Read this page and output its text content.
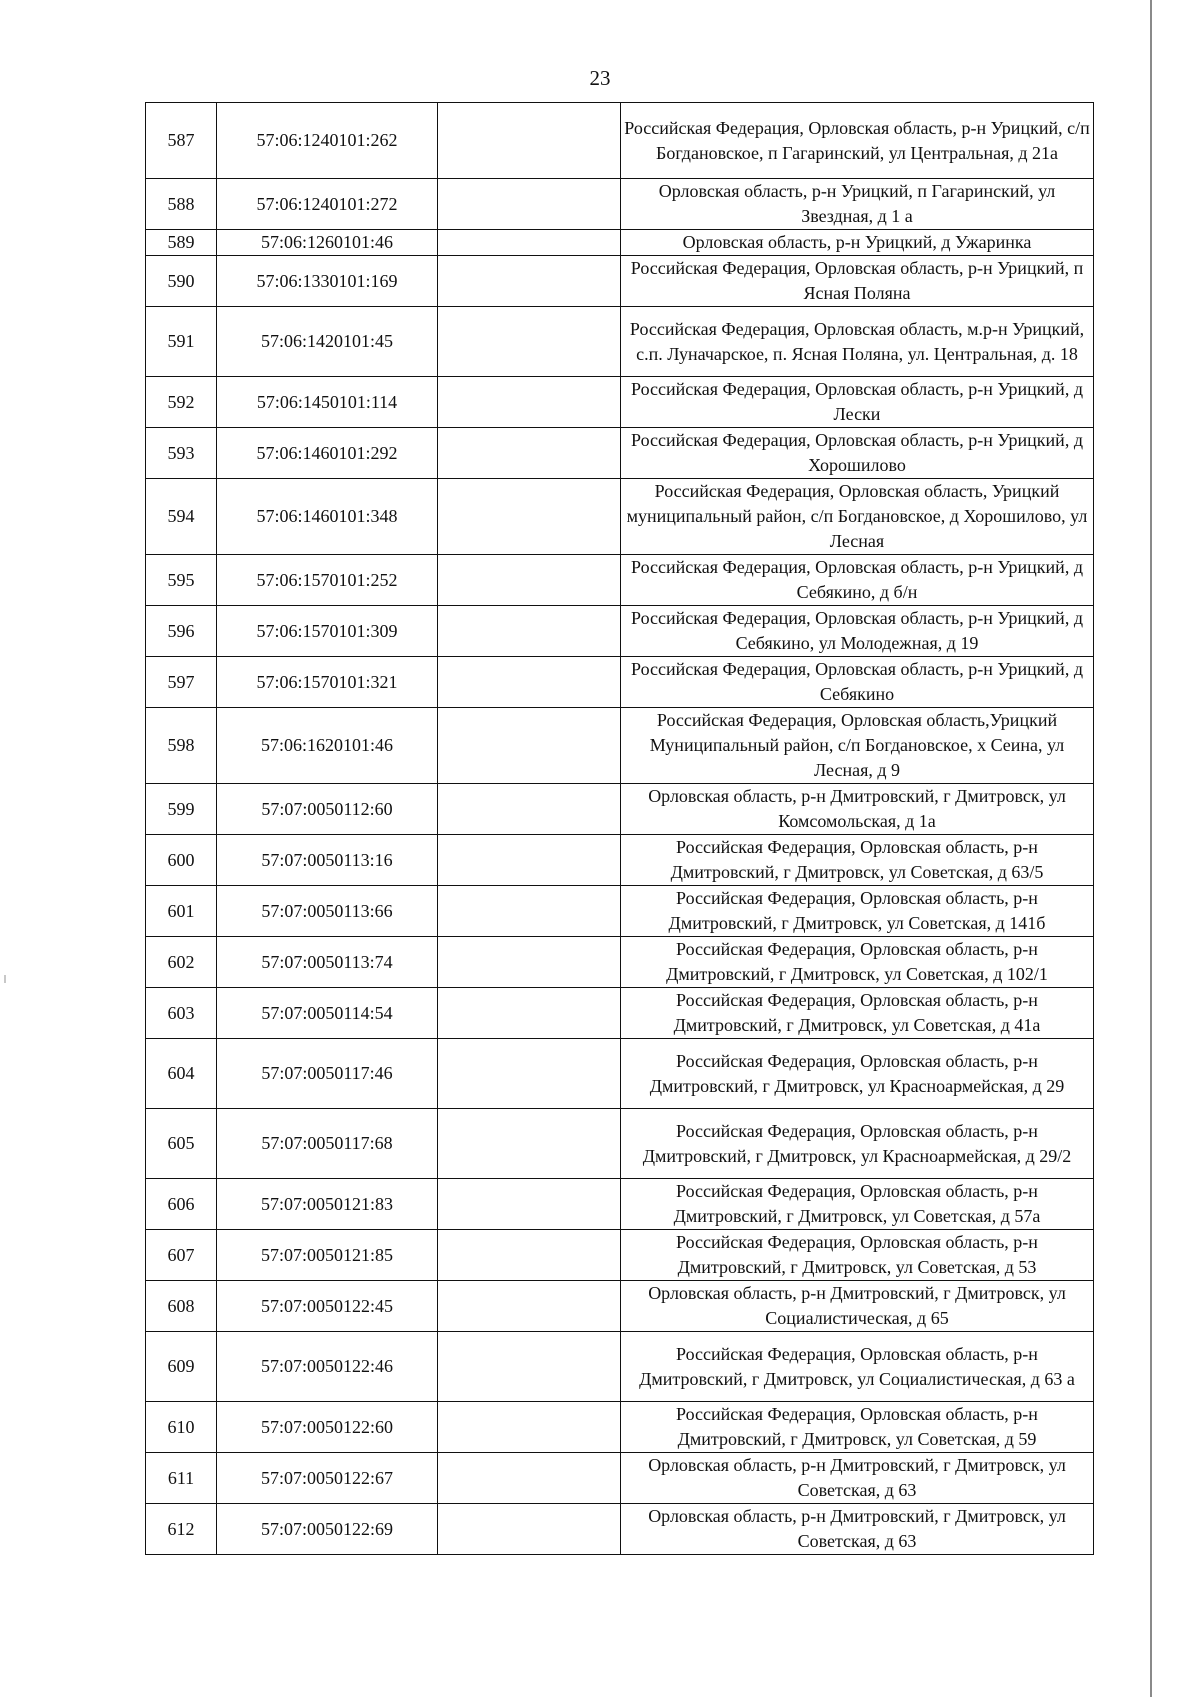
23
587	57:06:1240101:262		Российская Федерация, Орловская область, р-н Урицкий, с/п Богдановское, п Гагаринский, ул Центральная, д 21а
588	57:06:1240101:272		Орловская область, р-н Урицкий, п Гагаринский, ул Звездная, д 1 а
589	57:06:1260101:46		Орловская область, р-н Урицкий, д Ужаринка
590	57:06:1330101:169		Российская Федерация, Орловская область, р-н Урицкий, п Ясная Поляна
591	57:06:1420101:45		Российская Федерация, Орловская область, м.р-н Урицкий, с.п. Луначарское, п. Ясная Поляна, ул. Центральная, д. 18
592	57:06:1450101:114		Российская Федерация, Орловская область, р-н Урицкий, д Лески
593	57:06:1460101:292		Российская Федерация, Орловская область, р-н Урицкий, д Хорошилово
594	57:06:1460101:348		Российская Федерация, Орловская область, Урицкий муниципальный район, с/п Богдановское, д Хорошилово, ул Лесная
595	57:06:1570101:252		Российская Федерация, Орловская область, р-н Урицкий, д Себякино, д б/н
596	57:06:1570101:309		Российская Федерация, Орловская область, р-н Урицкий, д Себякино, ул Молодежная, д 19
597	57:06:1570101:321		Российская Федерация, Орловская область, р-н Урицкий, д Себякино
598	57:06:1620101:46		Российская Федерация, Орловская область,Урицкий Муниципальный район, с/п Богдановское, х Сеина, ул Лесная, д 9
599	57:07:0050112:60		Орловская область, р-н Дмитровский, г Дмитровск, ул Комсомольская, д 1а
600	57:07:0050113:16		Российская Федерация, Орловская область, р-н Дмитровский, г Дмитровск, ул Советская, д 63/5
601	57:07:0050113:66		Российская Федерация, Орловская область, р-н Дмитровский, г Дмитровск, ул Советская, д 141б
602	57:07:0050113:74		Российская Федерация, Орловская область, р-н Дмитровский, г Дмитровск, ул Советская, д 102/1
603	57:07:0050114:54		Российская Федерация, Орловская область, р-н Дмитровский, г Дмитровск, ул Советская, д 41а
604	57:07:0050117:46		Российская Федерация, Орловская область, р-н Дмитровский, г Дмитровск, ул Красноармейская, д 29
605	57:07:0050117:68		Российская Федерация, Орловская область, р-н Дмитровский, г Дмитровск, ул Красноармейская, д 29/2
606	57:07:0050121:83		Российская Федерация, Орловская область, р-н Дмитровский, г Дмитровск, ул Советская, д 57а
607	57:07:0050121:85		Российская Федерация, Орловская область, р-н Дмитровский, г Дмитровск, ул Советская, д 53
608	57:07:0050122:45		Орловская область, р-н Дмитровский, г Дмитровск, ул Социалистическая, д 65
609	57:07:0050122:46		Российская Федерация, Орловская область, р-н Дмитровский, г Дмитровск, ул Социалистическая, д 63 а
610	57:07:0050122:60		Российская Федерация, Орловская область, р-н Дмитровский, г Дмитровск, ул Советская, д 59
611	57:07:0050122:67		Орловская область, р-н Дмитровский, г Дмитровск, ул Советская, д 63
612	57:07:0050122:69		Орловская область, р-н Дмитровский, г Дмитровск, ул Советская, д 63
